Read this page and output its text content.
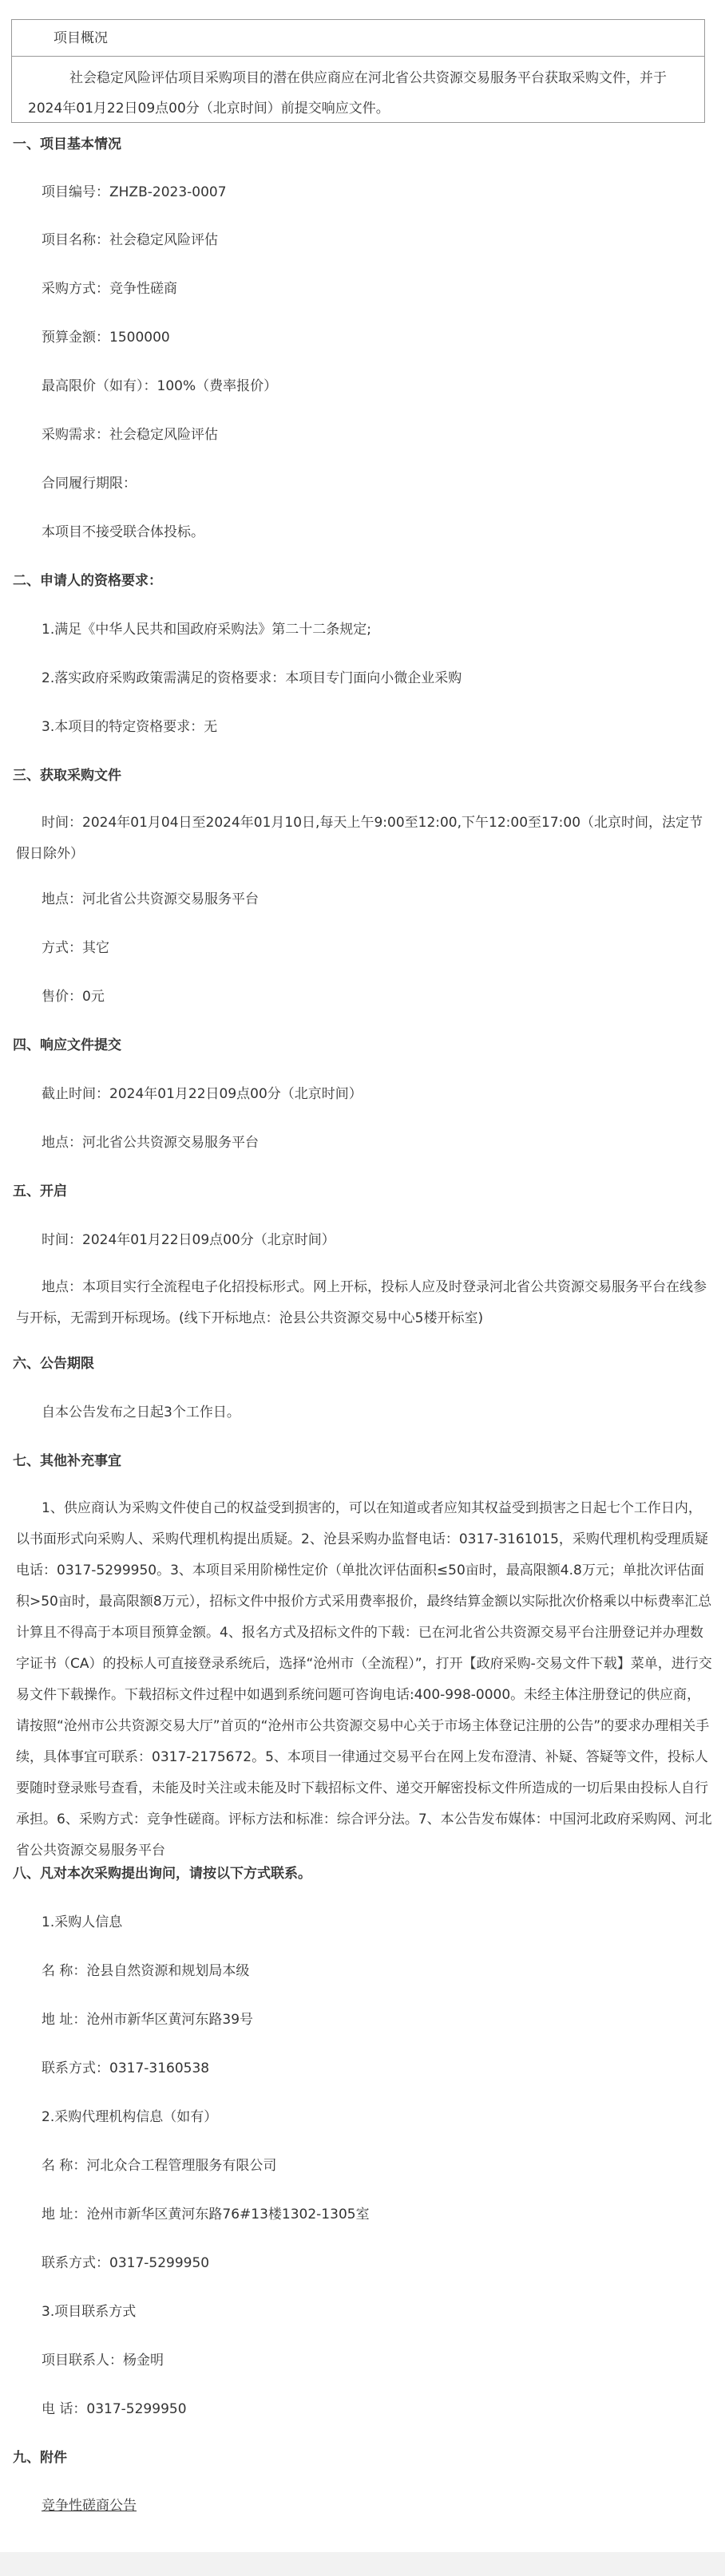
项目概况
社会稳定风险评估项目采购项目的潜在供应商应在河北省公共资源交易服务平台获取采购文件，并于 2024年01月22日09点00分（北京时间）前提交响应文件。
一、项目基本情况
项目编号：ZHZB-2023-0007
项目名称：社会稳定风险评估
采购方式：竞争性磋商
预算金额：1500000
最高限价（如有）：100%（费率报价）
采购需求：社会稳定风险评估
合同履行期限：
本项目不接受联合体投标。
二、申请人的资格要求：
1.满足《中华人民共和国政府采购法》第二十二条规定;
2.落实政府采购政策需满足的资格要求：本项目专门面向小微企业采购
3.本项目的特定资格要求：无
三、获取采购文件
时间：2024年01月04日至2024年01月10日,每天上午9:00至12:00,下午12:00至17:00（北京时间，法定节假日除外）
地点：河北省公共资源交易服务平台
方式：其它
售价：0元
四、响应文件提交
截止时间：2024年01月22日09点00分（北京时间）
地点：河北省公共资源交易服务平台
五、开启
时间：2024年01月22日09点00分（北京时间）
地点：本项目实行全流程电子化招投标形式。网上开标，投标人应及时登录河北省公共资源交易服务平台在线参与开标，无需到开标现场。(线下开标地点：沧县公共资源交易中心5楼开标室)
六、公告期限
自本公告发布之日起3个工作日。
七、其他补充事宜
1、供应商认为采购文件使自己的权益受到损害的，可以在知道或者应知其权益受到损害之日起七个工作日内，以书面形式向采购人、采购代理机构提出质疑。2、沧县采购办监督电话：0317-3161015，采购代理机构受理质疑电话：0317-5299950。3、本项目采用阶梯性定价（单批次评估面积≤50亩时，最高限额4.8万元；单批次评估面积>50亩时，最高限额8万元），招标文件中报价方式采用费率报价，最终结算金额以实际批次价格乘以中标费率汇总计算且不得高于本项目预算金额。4、报名方式及招标文件的下载：已在河北省公共资源交易平台注册登记并办理数字证书（CA）的投标人可直接登录系统后，选择“沧州市（全流程）”，打开【政府采购-交易文件下载】菜单，进行交易文件下载操作。下载招标文件过程中如遇到系统问题可咨询电话:400-998-0000。未经主体注册登记的供应商，请按照“沧州市公共资源交易大厅”首页的“沧州市公共资源交易中心关于市场主体登记注册的公告”的要求办理相关手续，具体事宜可联系：0317-2175672。5、本项目一律通过交易平台在网上发布澄清、补疑、答疑等文件，投标人要随时登录账号查看，未能及时关注或未能及时下载招标文件、递交开解密投标文件所造成的一切后果由投标人自行承担。6、采购方式：竞争性磋商。评标方法和标准：综合评分法。7、本公告发布媒体：中国河北政府采购网、河北省公共资源交易服务平台
八、凡对本次采购提出询问，请按以下方式联系。
1.采购人信息
名 称：沧县自然资源和规划局本级
地 址：沧州市新华区黄河东路39号
联系方式：0317-3160538
2.采购代理机构信息（如有）
名 称：河北众合工程管理服务有限公司
地 址：沧州市新华区黄河东路76#13楼1302-1305室
联系方式：0317-5299950
3.项目联系方式
项目联系人：杨金明
电 话：0317-5299950
九、附件
竞争性磋商公告
